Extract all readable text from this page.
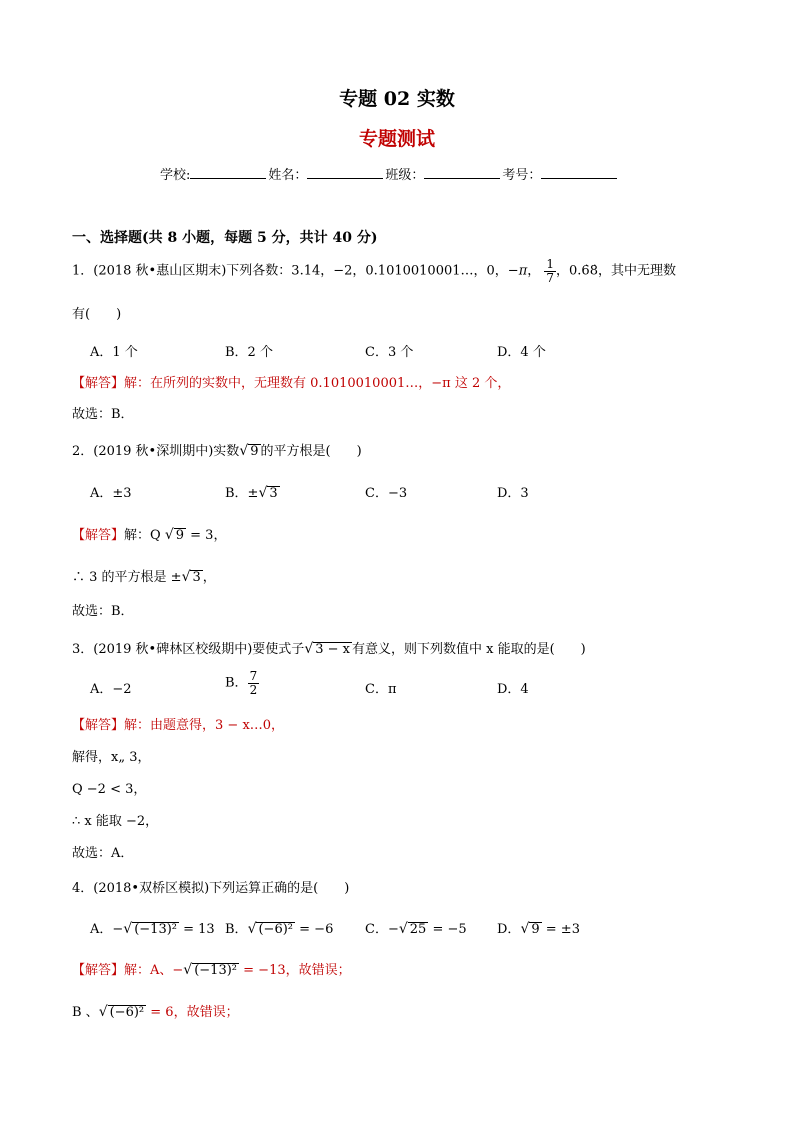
专题 02 实数
专题测试
学校:	姓名：	班级：	考号：
一、选择题(共 8 小题，每题 5 分，共计 40 分)
1．(2018 秋•惠山区期末)下列各数：3.14，−2，0.1010010001…，0，−π， $\frac{1}{7}$ ，0.6̇8̇，其中无理数
有(　　)
A．1 个	B．2 个	C．3 个	D．4 个
【解答】解：在所列的实数中，无理数有 0.1010010001…，−π 这 2 个，
故选：B．
2．(2019 秋•深圳期中)实数√ 9 的平方根是(　　)
A．±3	B．±√ 3	C．−3	D．3
【解答】解：Q √ 9 = 3，
∴ 3 的平方根是 ±√ 3 ，
故选：B．
3．(2019 秋•碑林区校级期中)要使式子√ 3 − x 有意义，则下列数值中 x 能取的是(　　)
A．−2	B． $\frac{7}{2}$	C．π	D．4
【解答】解：由题意得，3 − x…0，
解得，x„ 3，
Q −2 < 3，
∴ x 能取 −2，
故选：A．
4．(2018•双桥区模拟)下列运算正确的是(　　)
A．−√ (−13)² = 13 B．√ (−6)² = −6 C．−√ 25 = −5 D．√ 9 = ±3
【解答】解：A、−√ (−13)² = −13，故错误；
B 、√ (−6)² = 6，故错误；
